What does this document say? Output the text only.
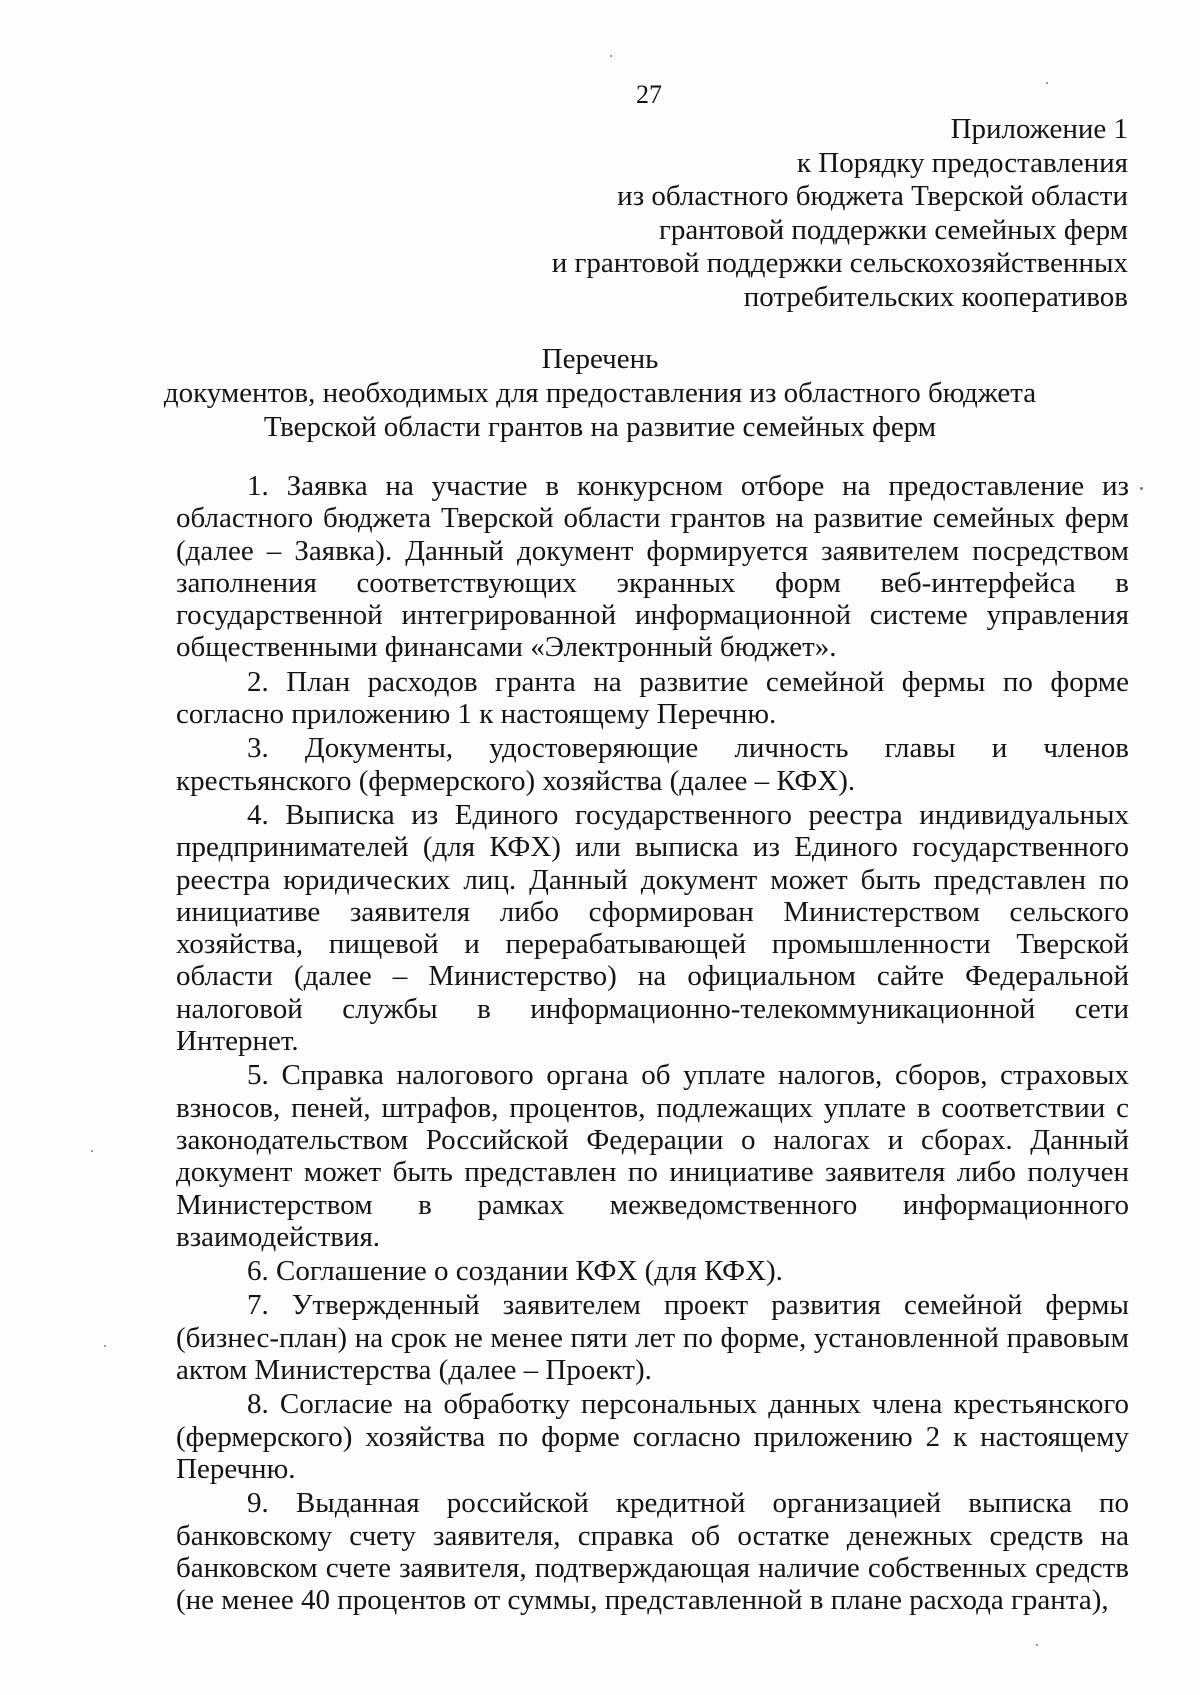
27
Приложение 1
к Порядку предоставления
из областного бюджета Тверской области
грантовой поддержки семейных ферм
и грантовой поддержки сельскохозяйственных
потребительских кооперативов
Перечень
документов, необходимых для предоставления из областного бюджета
Тверской области грантов на развитие семейных ферм

1. Заявка на участие в конкурсном отборе на предоставление из областного бюджета Тверской области грантов на развитие семейных ферм (далее – Заявка). Данный документ формируется заявителем посредством заполнения соответствующих экранных форм веб-интерфейса в государственной интегрированной информационной системе управления общественными финансами «Электронный бюджет».

2. План расходов гранта на развитие семейной фермы по форме согласно приложению 1 к настоящему Перечню.

3. Документы, удостоверяющие личность главы и членов крестьянского (фермерского) хозяйства (далее – КФХ).

4. Выписка из Единого государственного реестра индивидуальных предпринимателей (для КФХ) или выписка из Единого государственного реестра юридических лиц. Данный документ может быть представлен по инициативе заявителя либо сформирован Министерством сельского хозяйства, пищевой и перерабатывающей промышленности Тверской области (далее – Министерство) на официальном сайте Федеральной налоговой службы в информационно-телекоммуникационной сети Интернет.

5. Справка налогового органа об уплате налогов, сборов, страховых взносов, пеней, штрафов, процентов, подлежащих уплате в соответствии с законодательством Российской Федерации о налогах и сборах. Данный документ может быть представлен по инициативе заявителя либо получен Министерством в рамках межведомственного информационного взаимодействия.

6. Соглашение о создании КФХ (для КФХ).

7. Утвержденный заявителем проект развития семейной фермы (бизнес-план) на срок не менее пяти лет по форме, установленной правовым актом Министерства (далее – Проект).

8. Согласие на обработку персональных данных члена крестьянского (фермерского) хозяйства по форме согласно приложению 2 к настоящему Перечню.

9. Выданная российской кредитной организацией выписка по банковскому счету заявителя, справка об остатке денежных средств на банковском счете заявителя, подтверждающая наличие собственных средств (не менее 40 процентов от суммы, представленной в плане расхода гранта),
